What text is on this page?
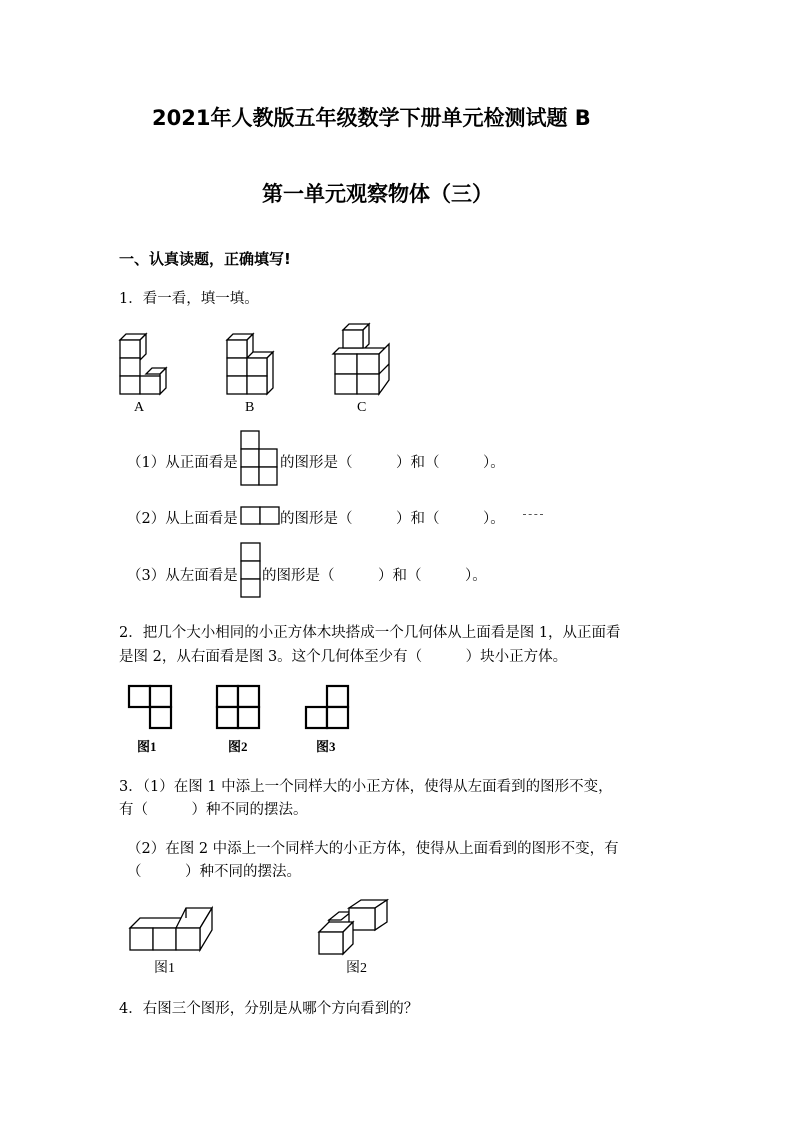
2021年人教版五年级数学下册单元检测试题 B
第一单元观察物体（三）
一、认真读题，正确填写!
1．看一看，填一填。
A	B	C
（1）从正面看是	的图形是（　　　）和（　　　）。
（2）从上面看是	的图形是（　　　）和（　　　）。
（3）从左面看是 的图形是（　　　）和（　　　）。
2．把几个大小相同的小正方体木块搭成一个几何体从上面看是图 1，从正面看
是图 2，从右面看是图 3。这个几何体至少有（　　　）块小正方体。
图1	图2	图3
3．（1）在图 1 中添上一个同样大的小正方体，使得从左面看到的图形不变，
有（　　　）种不同的摆法。
（2）在图 2 中添上一个同样大的小正方体，使得从上面看到的图形不变，有
（　　　）种不同的摆法。
图1	图2
4．右图三个图形，分别是从哪个方向看到的？
